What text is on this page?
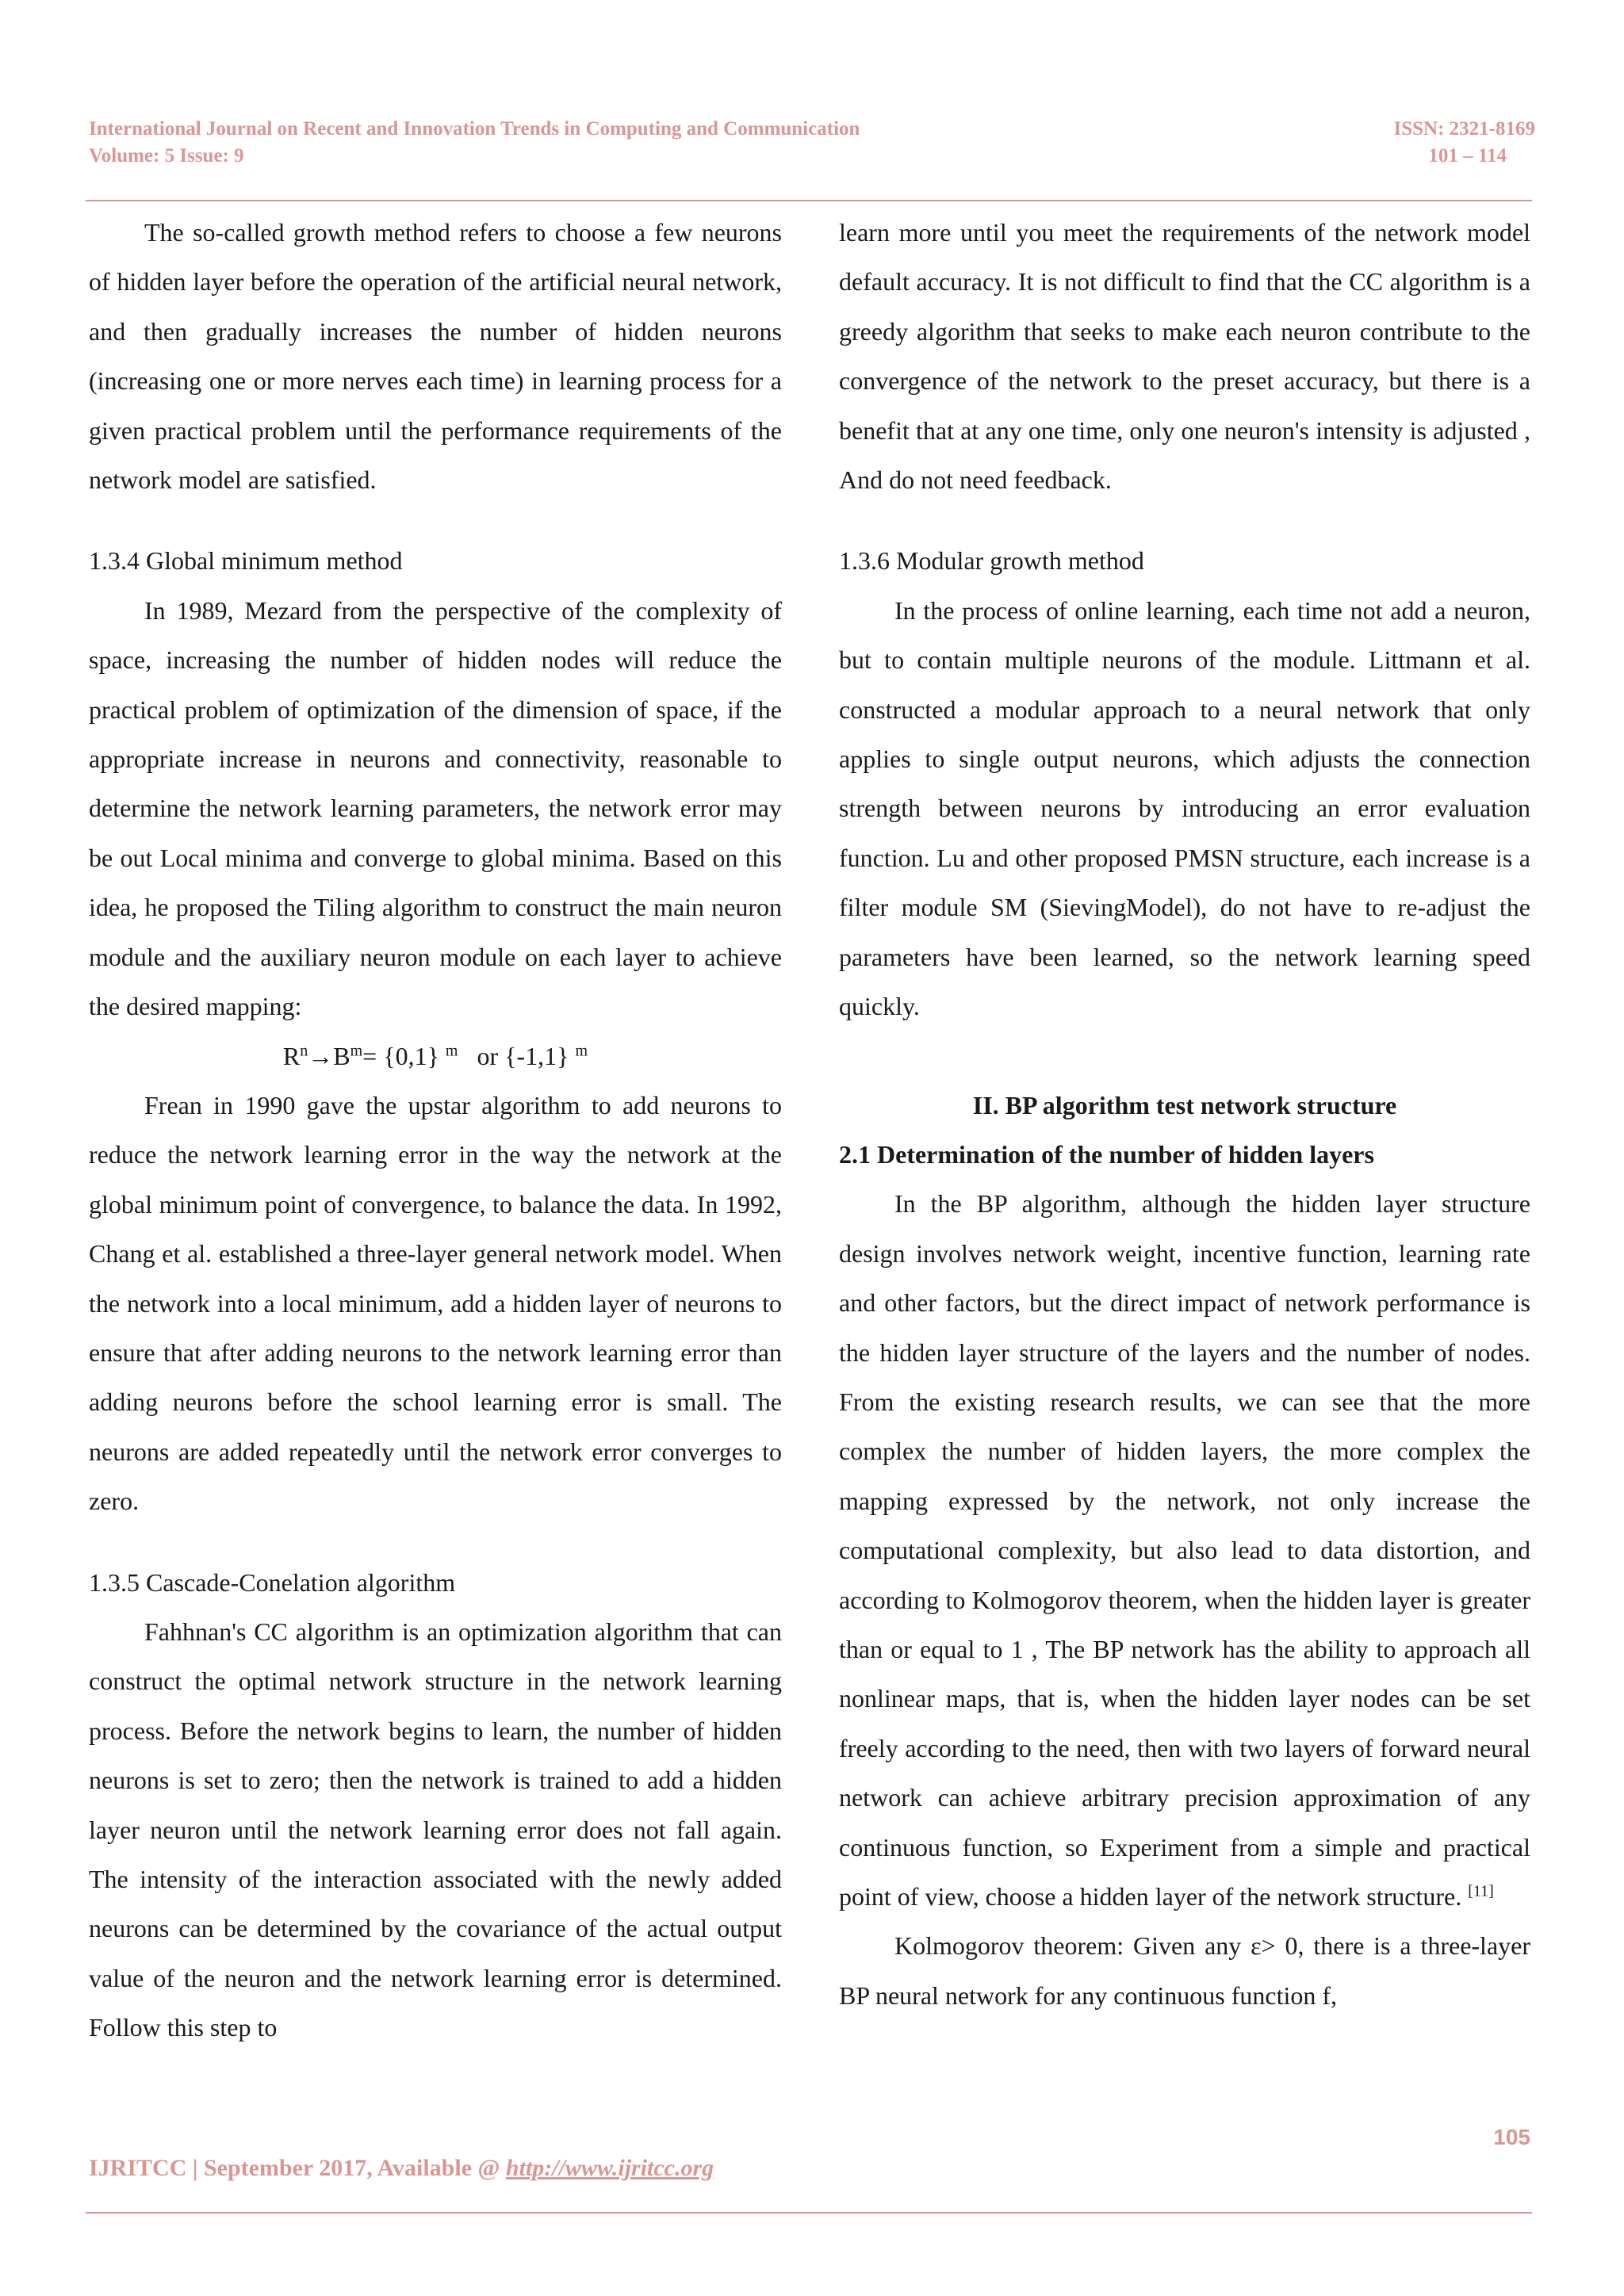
International Journal on Recent and Innovation Trends in Computing and Communication	ISSN: 2321-8169
Volume: 5 Issue: 9	101 – 114

The so-called growth method refers to choose a few neurons of hidden layer before the operation of the artificial neural network, and then gradually increases the number of hidden neurons (increasing one or more nerves each time) in learning process for a given practical problem until the performance requirements of the network model are satisfied.

1.3.4 Global minimum method

In 1989, Mezard from the perspective of the complexity of space, increasing the number of hidden nodes will reduce the practical problem of optimization of the dimension of space, if the appropriate increase in neurons and connectivity, reasonable to determine the network learning parameters, the network error may be out Local minima and converge to global minima. Based on this idea, he proposed the Tiling algorithm to construct the main neuron module and the auxiliary neuron module on each layer to achieve the desired mapping:

$R^n\to B^m= \{0,1\}$ $^m$ or {-1,1} $^m$

Frean in 1990 gave the upstar algorithm to add neurons to reduce the network learning error in the way the network at the global minimum point of convergence, to balance the data. In 1992, Chang et al. established a three-layer general network model. When the network into a local minimum, add a hidden layer of neurons to ensure that after adding neurons to the network learning error than adding neurons before the school learning error is small. The neurons are added repeatedly until the network error converges to zero.

1.3.5 Cascade-Conelation algorithm

Fahhnan's CC algorithm is an optimization algorithm that can construct the optimal network structure in the network learning process. Before the network begins to learn, the number of hidden neurons is set to zero; then the network is trained to add a hidden layer neuron until the network learning error does not fall again. The intensity of the interaction associated with the newly added neurons can be determined by the covariance of the actual output value of the neuron and the network learning error is determined. Follow this step to

learn more until you meet the requirements of the network model default accuracy. It is not difficult to find that the CC algorithm is a greedy algorithm that seeks to make each neuron contribute to the convergence of the network to the preset accuracy, but there is a benefit that at any one time, only one neuron's intensity is adjusted , And do not need feedback.

1.3.6 Modular growth method

In the process of online learning, each time not add a neuron, but to contain multiple neurons of the module. Littmann et al. constructed a modular approach to a neural network that only applies to single output neurons, which adjusts the connection strength between neurons by introducing an error evaluation function. Lu and other proposed PMSN structure, each increase is a filter module SM (SievingModel), do not have to re-adjust the parameters have been learned, so the network learning speed quickly.

II. BP algorithm test network structure
2.1 Determination of the number of hidden layers

In the BP algorithm, although the hidden layer structure design involves network weight, incentive function, learning rate and other factors, but the direct impact of network performance is the hidden layer structure of the layers and the number of nodes. From the existing research results, we can see that the more complex the number of hidden layers, the more complex the mapping expressed by the network, not only increase the computational complexity, but also lead to data distortion, and according to Kolmogorov theorem, when the hidden layer is greater than or equal to 1 , The BP network has the ability to approach all nonlinear maps, that is, when the hidden layer nodes can be set freely according to the need, then with two layers of forward neural network can achieve arbitrary precision approximation of any continuous function, so Experiment from a simple and practical point of view, choose a hidden layer of the network structure. [11]

Kolmogorov theorem: Given any ε> 0, there is a three-layer BP neural network for any continuous function f,

105
IJRITCC | September 2017, Available @ http://www.ijritcc.org
